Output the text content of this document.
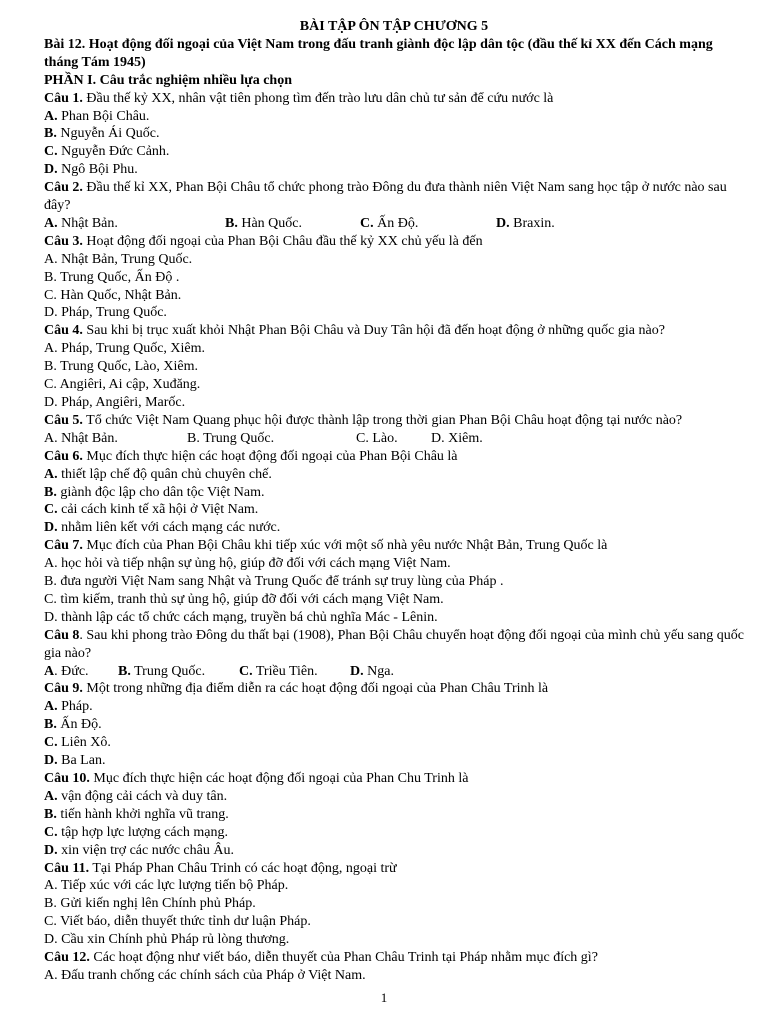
BÀI TẬP ÔN TẬP CHƯƠNG 5
Bài 12. Hoạt động đối ngoại của Việt Nam trong đấu tranh giành độc lập dân tộc (đầu thế kỉ XX đến Cách mạng tháng Tám 1945)
PHẦN I. Câu trắc nghiệm nhiều lựa chọn
Câu 1. Đầu thế kỷ XX, nhân vật tiên phong tìm đến trào lưu dân chủ tư sản để cứu nước là
A. Phan Bội Châu.
B. Nguyễn Ái Quốc.
C. Nguyễn Đức Cảnh.
D. Ngô Bội Phu.
Câu 2. Đầu thế kỉ XX, Phan Bội Châu tổ chức phong trào Đông du đưa thành niên Việt Nam sang học tập ở nước nào sau đây?
A. Nhật Bản.	B. Hàn Quốc.	C. Ấn Độ.	D. Braxin.
Câu 3. Hoạt động đối ngoại của Phan Bội Châu đầu thế kỷ XX chủ yếu là đến
A. Nhật Bản, Trung Quốc.
B. Trung Quốc, Ấn Độ .
C. Hàn Quốc, Nhật Bản.
D. Pháp, Trung Quốc.
Câu 4. Sau khi bị trục xuất khỏi Nhật Phan Bội Châu và Duy Tân hội đã đến hoạt động ở những quốc gia nào?
A. Pháp, Trung Quốc, Xiêm.
B. Trung Quốc, Lào, Xiêm.
C. Angiêri, Ai cập, Xuđăng.
D. Pháp, Angiêri, Marốc.
Câu 5. Tổ chức Việt Nam Quang phục hội được thành lập trong thời gian Phan Bội Châu hoạt động tại nước nào?
A. Nhật Bản.	B. Trung Quốc.	C. Lào. D. Xiêm.
Câu 6. Mục đích thực hiện các hoạt động đối ngoại của Phan Bội Châu là
A. thiết lập chế độ quân chủ chuyên chế.
B. giành độc lập cho dân tộc Việt Nam.
C. cải cách kinh tế xã hội ở Việt Nam.
D. nhằm liên kết với cách mạng các nước.
Câu 7. Mục đích của Phan Bội Châu khi tiếp xúc với một số nhà yêu nước Nhật Bản, Trung Quốc là
A. học hỏi và tiếp nhận sự ủng hộ, giúp đỡ đối với cách mạng Việt Nam.
B. đưa người Việt Nam sang Nhật và Trung Quốc để tránh sự truy lùng của Pháp .
C. tìm kiếm, tranh thủ sự ủng hộ, giúp đỡ đối với cách mạng Việt Nam.
D. thành lập các tổ chức cách mạng, truyền bá chủ nghĩa Mác - Lênin.
Câu 8. Sau khi phong trào Đông du thất bại (1908), Phan Bội Châu chuyển hoạt động đối ngoại của mình chủ yếu sang quốc gia nào?
A. Đức. B. Trung Quốc. C. Triều Tiên. D. Nga.
Câu 9. Một trong những địa điểm diễn ra các hoạt động đối ngoại của Phan Châu Trinh là
A. Pháp.
B. Ấn Độ.
C. Liên Xô.
D. Ba Lan.
Câu 10. Mục đích thực hiện các hoạt động đối ngoại của Phan Chu Trinh là
A. vận động cải cách và duy tân.
B. tiến hành khởi nghĩa vũ trang.
C. tập hợp lực lượng cách mạng.
D. xin viện trợ các nước châu Âu.
Câu 11. Tại Pháp Phan Châu Trinh có các hoạt động, ngoại trừ
A. Tiếp xúc với các lực lượng tiến bộ Pháp.
B. Gửi kiến nghị lên Chính phủ Pháp.
C. Viết báo, diễn thuyết thức tỉnh dư luận Pháp.
D. Cầu xin Chính phủ Pháp rủ lòng thương.
Câu 12. Các hoạt động như viết báo, diễn thuyết của Phan Châu Trinh tại Pháp nhằm mục đích gì?
A. Đấu tranh chống các chính sách của Pháp ở Việt Nam.
1
